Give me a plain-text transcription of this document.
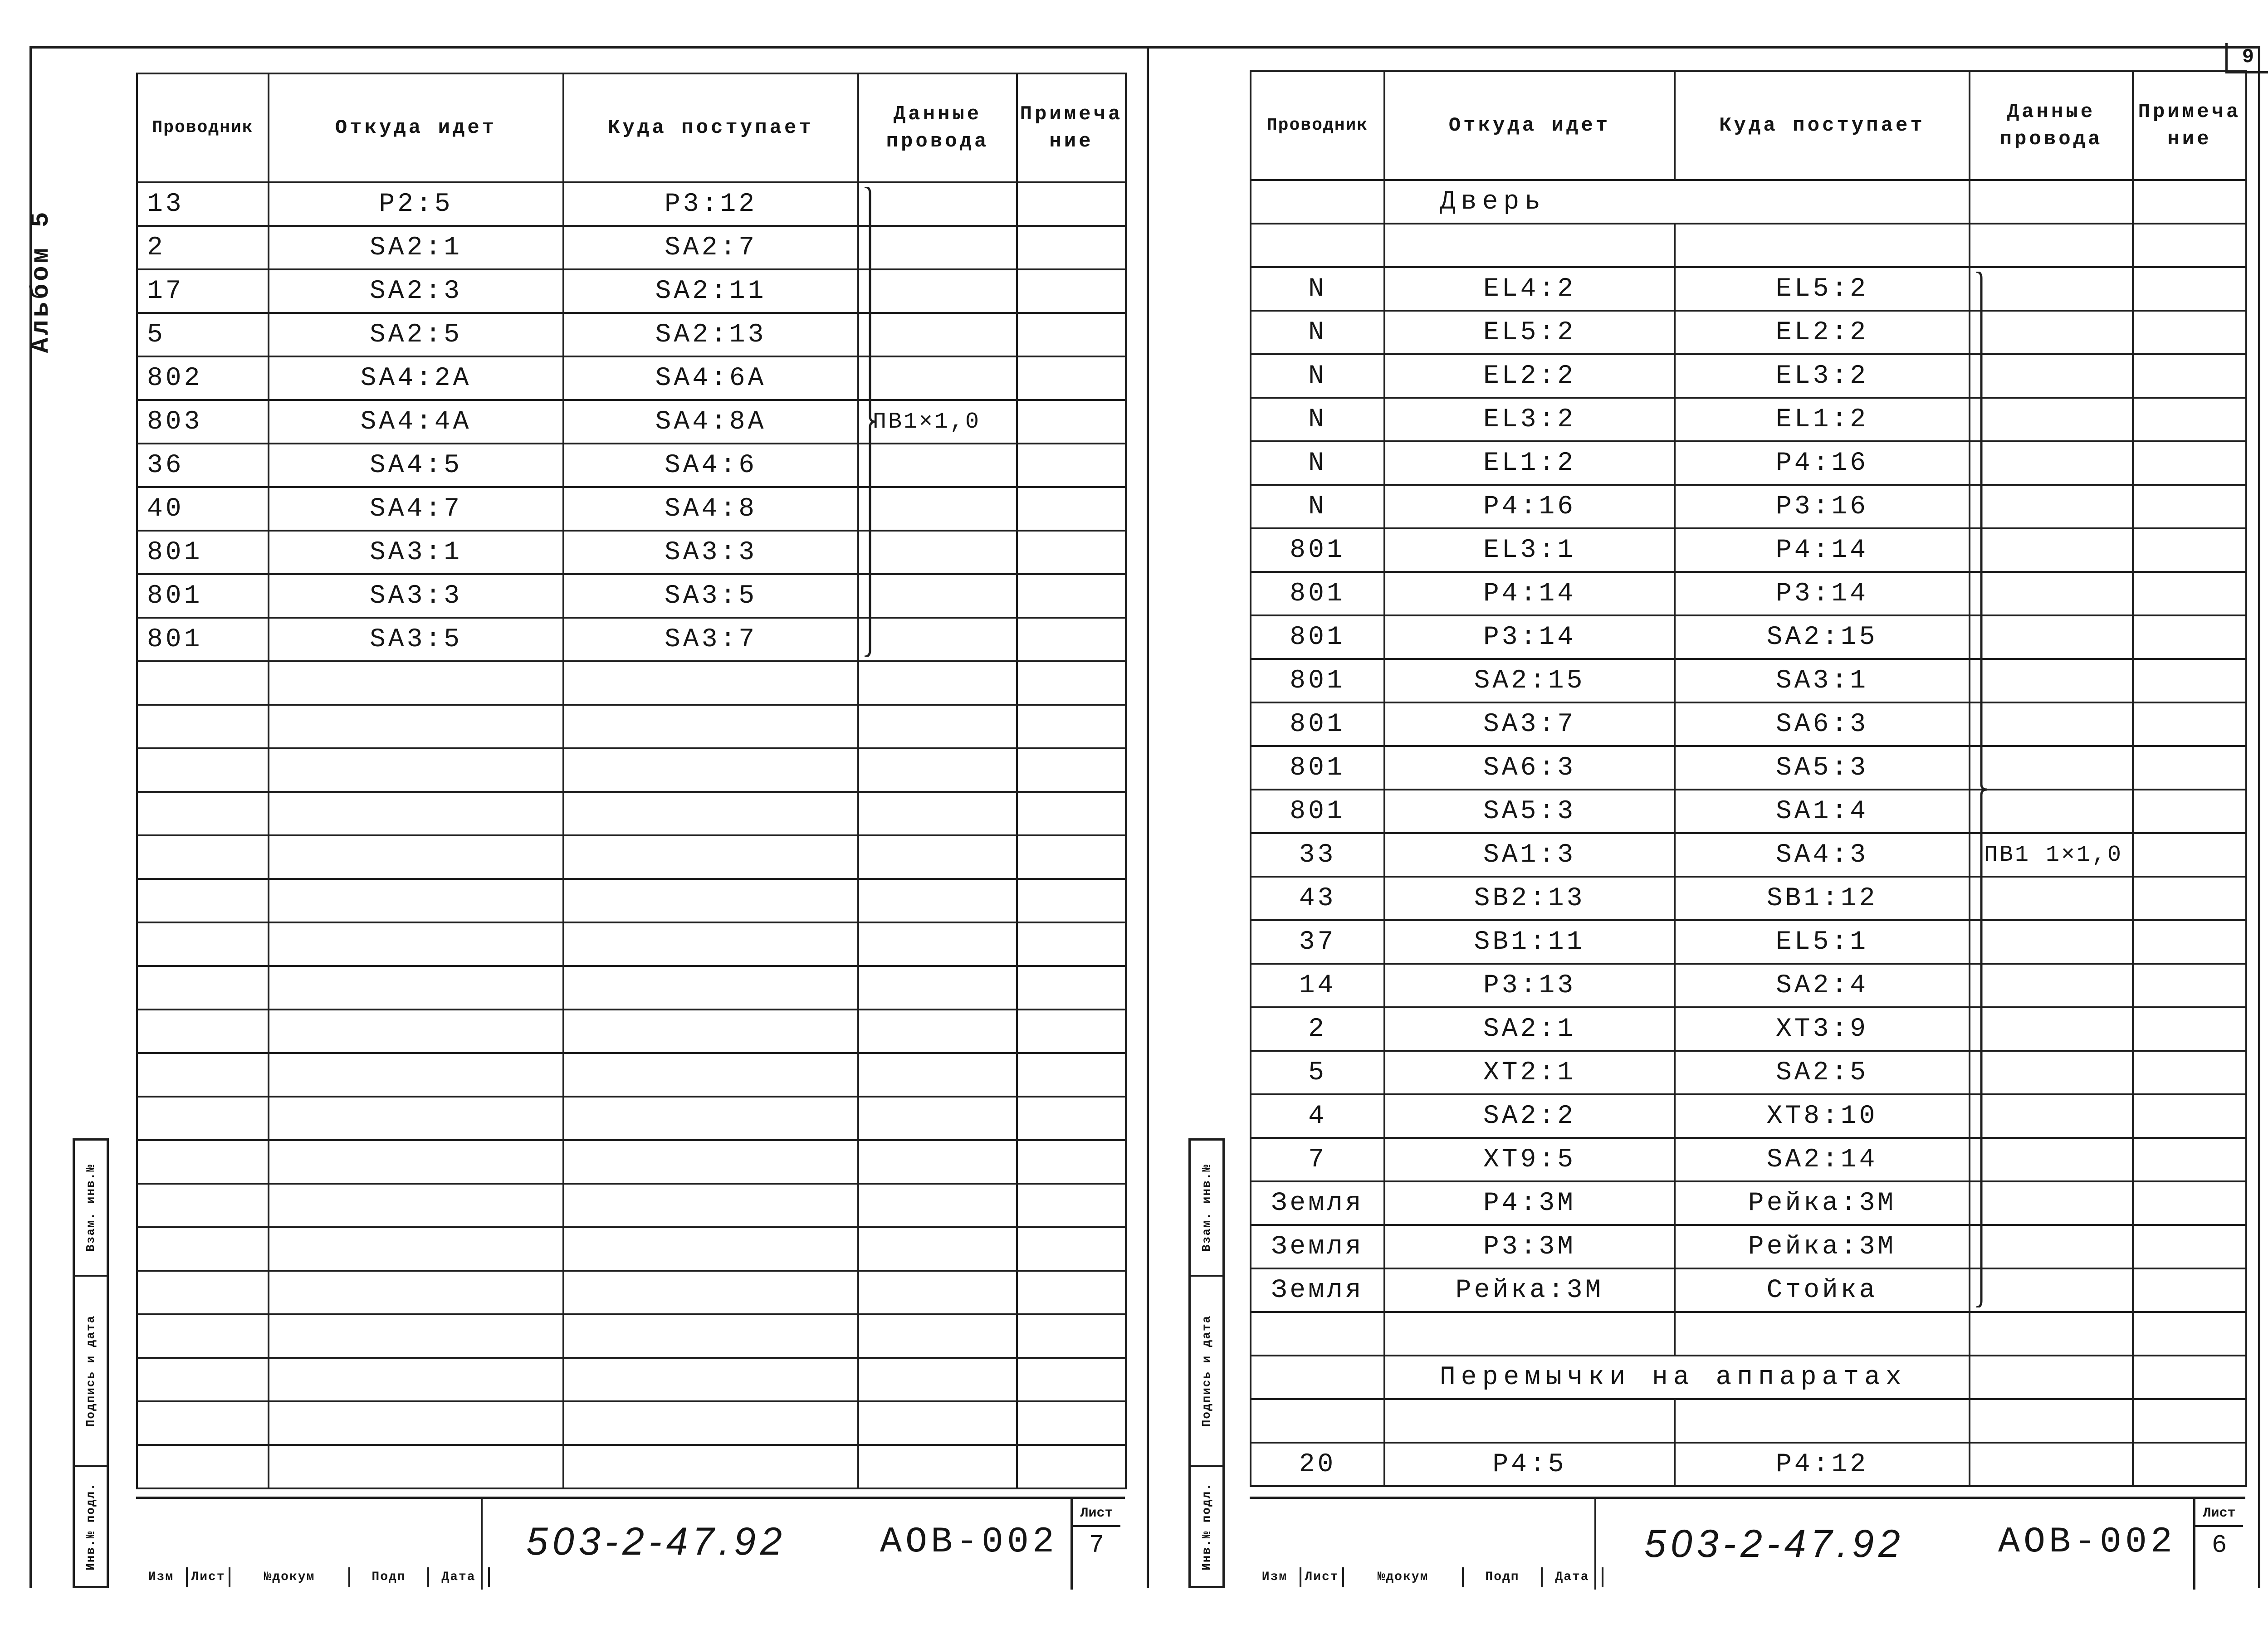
Альбом 5
Взам. инв.№
Подпись и дата
Инв.№ подл.
Проводник	Откуда идет	Куда поступает	Данные провода	Примечание
13	Р2:5	Р3:12		
2	SA2:1	SA2:7		
17	SA2:3	SA2:11		
5	SA2:5	SA2:13		
802	SA4:2A	SA4:6A		
803	SA4:4A	SA4:8A	ПВ1×1,0	

36	SA4:5	SA4:6		
40	SA4:7	SA4:8		
801	SA3:1	SA3:3		
801	SA3:3	SA3:5		
801	SA3:5	SA3:7		

Изм	Лист	№докум	Подп	Дата
503-2-47.92	АОВ-002
Лист
7
9
Взам. инв.№
Подпись и дата
Инв.№ подл.
Проводник	Откуда идет	Куда поступает	Данные провода	Примечание
	Дверь			

N	EL4:2	EL5:2		
N	EL5:2	EL2:2		
N	EL2:2	EL3:2		
N	EL3:2	EL1:2		
N	EL1:2	Р4:16		
N	Р4:16	Р3:16		
801	EL3:1	Р4:14		
801	Р4:14	Р3:14		
801	Р3:14	SA2:15		
801	SA2:15	SA3:1		
801	SA3:7	SA6:3		
801	SA6:3	SA5:3		
801	SA5:3	SA1:4		
33	SA1:3	SA4:3	ПВ1 1×1,0	

43	SB2:13	SB1:12		
37	SB1:11	EL5:1		
14	Р3:13	SA2:4		
2	SA2:1	XT3:9		
5	XT2:1	SA2:5		
4	SA2:2	XT8:10		
7	XT9:5	SA2:14		
Земля	Р4:3М	Рейка:3М		
Земля	Р3:3М	Рейка:3М		
Земля	Рейка:3М	Стойка		

	Перемычки на аппаратах			

20	Р4:5	Р4:12		
Изм	Лист	№докум	Подп	Дата
503-2-47.92	АОВ-002
Лист
6
